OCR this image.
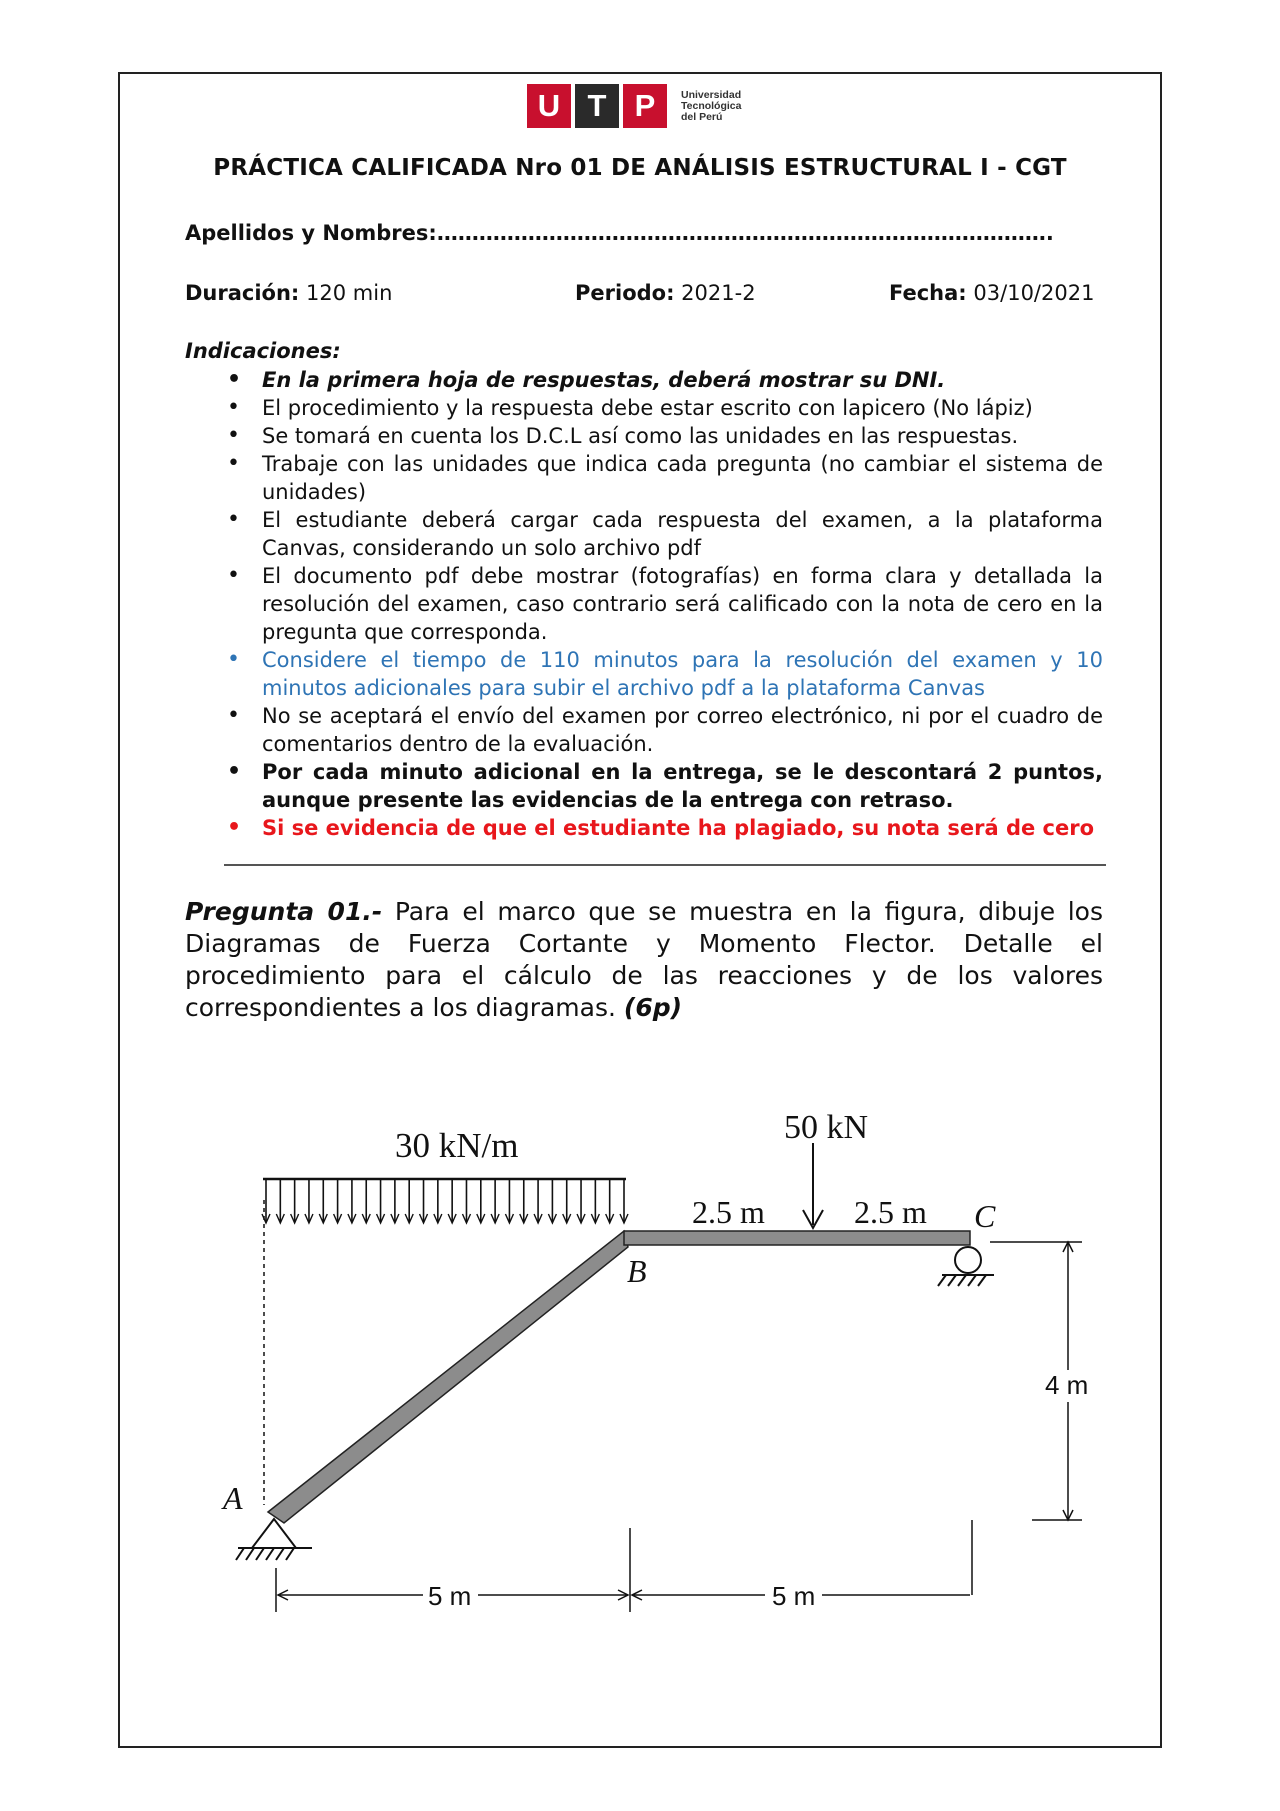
U T P	Universidad
Tecnológica
del Perú
PRÁCTICA CALIFICADA Nro 01 DE ANÁLISIS ESTRUCTURAL I - CGT
Apellidos y Nombres:…………………………………………………………………………….
Duración: 120 min	Periodo: 2021-2	Fecha: 03/10/2021
Indicaciones:
• En la primera hoja de respuestas, deberá mostrar su DNI.
• El procedimiento y la respuesta debe estar escrito con lapicero (No lápiz)
• Se tomará en cuenta los D.C.L así como las unidades en las respuestas.
• Trabaje con las unidades que indica cada pregunta (no cambiar el sistema de unidades)
• El estudiante deberá cargar cada respuesta del examen, a la plataforma Canvas, considerando un solo archivo pdf
• El documento pdf debe mostrar (fotografías) en forma clara y detallada la resolución del examen, caso contrario será calificado con la nota de cero en la pregunta que corresponda.
• Considere el tiempo de 110 minutos para la resolución del examen y 10 minutos adicionales para subir el archivo pdf a la plataforma Canvas
• No se aceptará el envío del examen por correo electrónico, ni por el cuadro de comentarios dentro de la evaluación.
• Por cada minuto adicional en la entrega, se le descontará 2 puntos, aunque presente las evidencias de la entrega con retraso.
• Si se evidencia de que el estudiante ha plagiado, su nota será de cero
Pregunta 01.- Para el marco que se muestra en la figura, dibuje los Diagramas de Fuerza Cortante y Momento Flector. Detalle el procedimiento para el cálculo de las reacciones y de los valores correspondientes a los diagramas. (6p)
30 kN/m	50 kN
2.5 m	2.5 m C
B
A
4 m
5 m	5 m
